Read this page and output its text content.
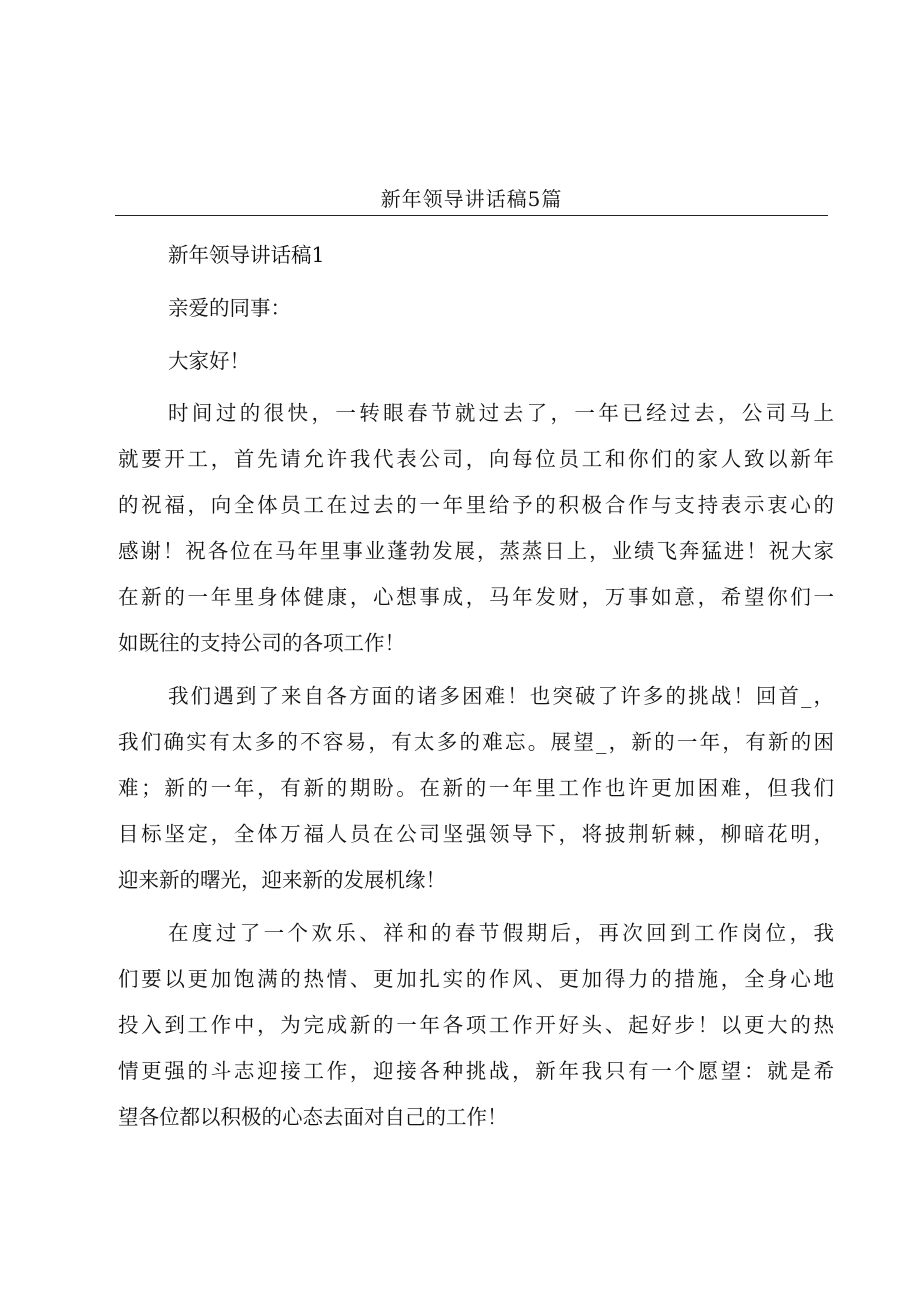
新年领导讲话稿5篇
新年领导讲话稿1
亲爱的同事：
大家好！
时间过的很快，一转眼春节就过去了，一年已经过去，公司马上
就要开工，首先请允许我代表公司，向每位员工和你们的家人致以新年
的祝福，向全体员工在过去的一年里给予的积极合作与支持表示衷心的
感谢！祝各位在马年里事业蓬勃发展，蒸蒸日上，业绩飞奔猛进！祝大家
在新的一年里身体健康，心想事成，马年发财，万事如意，希望你们一
如既往的支持公司的各项工作！
我们遇到了来自各方面的诸多困难！也突破了许多的挑战！回首_，
我们确实有太多的不容易，有太多的难忘。展望_，新的一年，有新的困
难；新的一年，有新的期盼。在新的一年里工作也许更加困难，但我们
目标坚定，全体万福人员在公司坚强领导下，将披荆斩棘，柳暗花明，
迎来新的曙光，迎来新的发展机缘！
在度过了一个欢乐、祥和的春节假期后，再次回到工作岗位，我
们要以更加饱满的热情、更加扎实的作风、更加得力的措施，全身心地
投入到工作中，为完成新的一年各项工作开好头、起好步！以更大的热
情更强的斗志迎接工作，迎接各种挑战，新年我只有一个愿望：就是希
望各位都以积极的心态去面对自己的工作！
